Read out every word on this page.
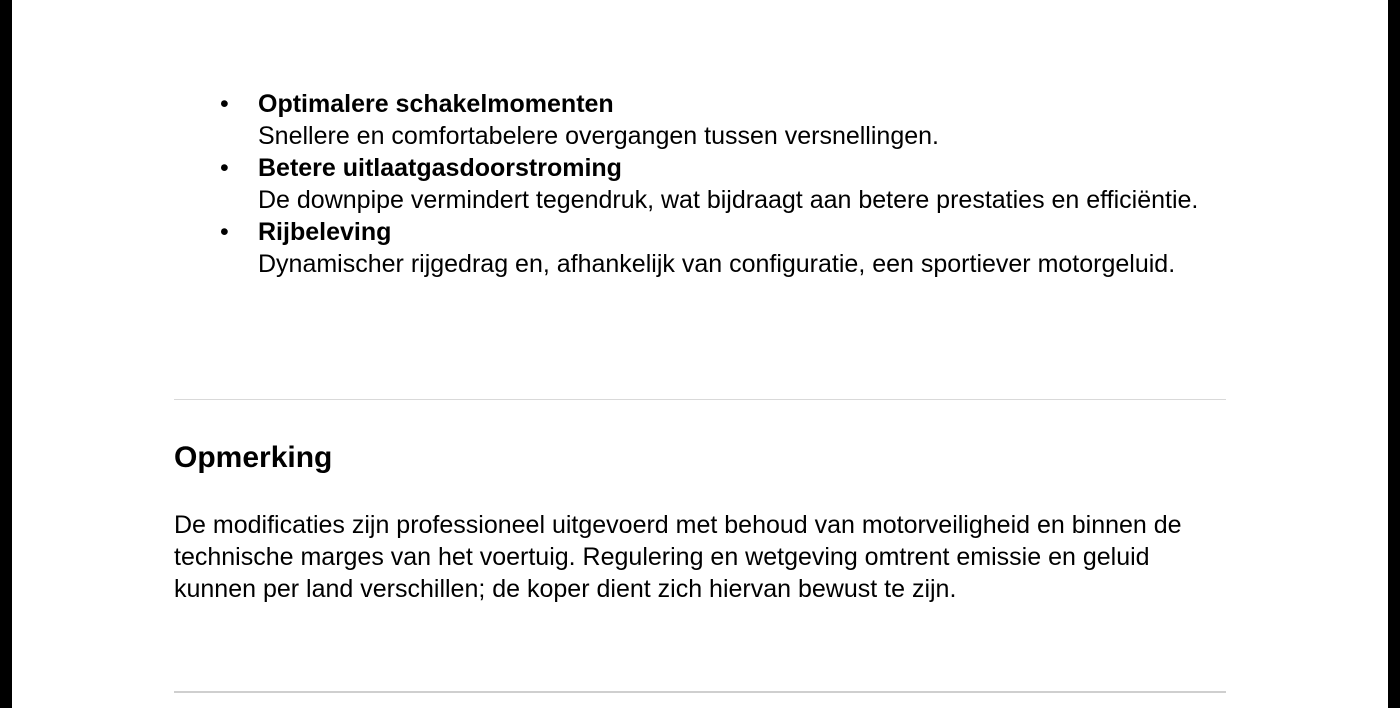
• Optimalere schakelmomenten
Snellere en comfortabelere overgangen tussen versnellingen.
• Betere uitlaatgasdoorstroming
De downpipe vermindert tegendruk, wat bijdraagt aan betere prestaties en efficiëntie.
• Rijbeleving
Dynamischer rijgedrag en, afhankelijk van configuratie, een sportiever motorgeluid.
Opmerking

De modificaties zijn professioneel uitgevoerd met behoud van motorveiligheid en binnen de technische marges van het voertuig. Regulering en wetgeving omtrent emissie en geluid kunnen per land verschillen; de koper dient zich hiervan bewust te zijn.
